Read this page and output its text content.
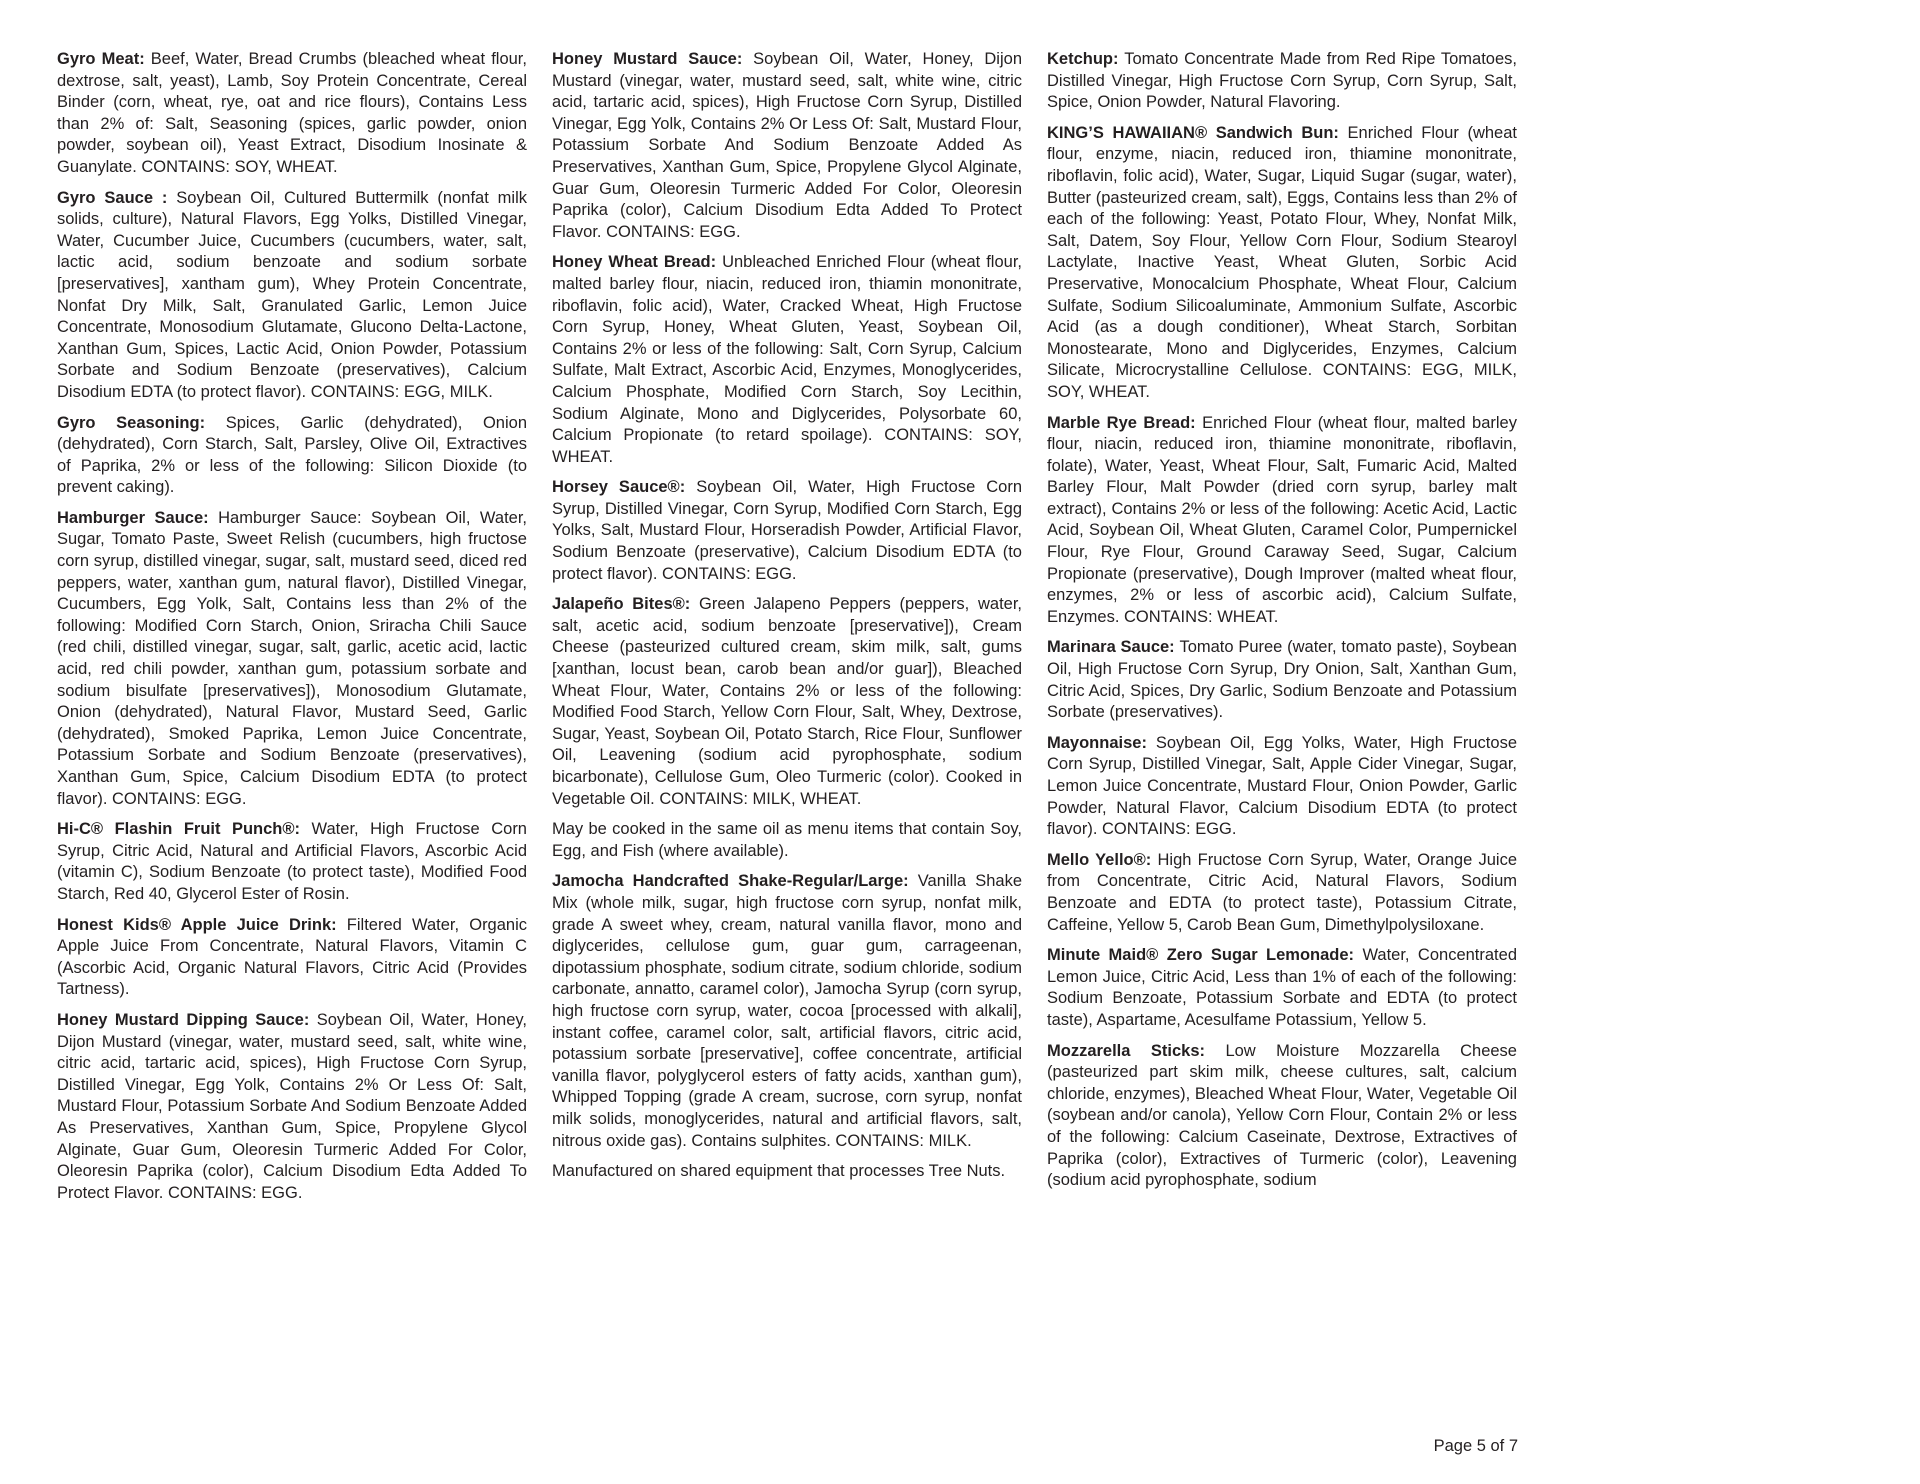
Gyro Meat: Beef, Water, Bread Crumbs (bleached wheat flour, dextrose, salt, yeast), Lamb, Soy Protein Concentrate, Cereal Binder (corn, wheat, rye, oat and rice flours), Contains Less than 2% of: Salt, Seasoning (spices, garlic powder, onion powder, soybean oil), Yeast Extract, Disodium Inosinate & Guanylate. CONTAINS: SOY, WHEAT.

Gyro Sauce : Soybean Oil, Cultured Buttermilk (nonfat milk solids, culture), Natural Flavors, Egg Yolks, Distilled Vinegar, Water, Cucumber Juice, Cucumbers (cucumbers, water, salt, lactic acid, sodium benzoate and sodium sorbate [preservatives], xantham gum), Whey Protein Concentrate, Nonfat Dry Milk, Salt, Granulated Garlic, Lemon Juice Concentrate, Monosodium Glutamate, Glucono Delta-Lactone, Xanthan Gum, Spices, Lactic Acid, Onion Powder, Potassium Sorbate and Sodium Benzoate (preservatives), Calcium Disodium EDTA (to protect flavor). CONTAINS: EGG, MILK.

Gyro Seasoning: Spices, Garlic (dehydrated), Onion (dehydrated), Corn Starch, Salt, Parsley, Olive Oil, Extractives of Paprika, 2% or less of the following: Silicon Dioxide (to prevent caking).

Hamburger Sauce: Hamburger Sauce: Soybean Oil, Water, Sugar, Tomato Paste, Sweet Relish (cucumbers, high fructose corn syrup, distilled vinegar, sugar, salt, mustard seed, diced red peppers, water, xanthan gum, natural flavor), Distilled Vinegar, Cucumbers, Egg Yolk, Salt, Contains less than 2% of the following: Modified Corn Starch, Onion, Sriracha Chili Sauce (red chili, distilled vinegar, sugar, salt, garlic, acetic acid, lactic acid, red chili powder, xanthan gum, potassium sorbate and sodium bisulfate [preservatives]), Monosodium Glutamate, Onion (dehydrated), Natural Flavor, Mustard Seed, Garlic (dehydrated), Smoked Paprika, Lemon Juice Concentrate, Potassium Sorbate and Sodium Benzoate (preservatives), Xanthan Gum, Spice, Calcium Disodium EDTA (to protect flavor). CONTAINS: EGG.

Hi-C® Flashin Fruit Punch®: Water, High Fructose Corn Syrup, Citric Acid, Natural and Artificial Flavors, Ascorbic Acid (vitamin C), Sodium Benzoate (to protect taste), Modified Food Starch, Red 40, Glycerol Ester of Rosin.

Honest Kids® Apple Juice Drink: Filtered Water, Organic Apple Juice From Concentrate, Natural Flavors, Vitamin C (Ascorbic Acid, Organic Natural Flavors, Citric Acid (Provides Tartness).

Honey Mustard Dipping Sauce: Soybean Oil, Water, Honey, Dijon Mustard (vinegar, water, mustard seed, salt, white wine, citric acid, tartaric acid, spices), High Fructose Corn Syrup, Distilled Vinegar, Egg Yolk, Contains 2% Or Less Of: Salt, Mustard Flour, Potassium Sorbate And Sodium Benzoate Added As Preservatives, Xanthan Gum, Spice, Propylene Glycol Alginate, Guar Gum, Oleoresin Turmeric Added For Color, Oleoresin Paprika (color), Calcium Disodium Edta Added To Protect Flavor. CONTAINS: EGG.

Honey Mustard Sauce: Soybean Oil, Water, Honey, Dijon Mustard (vinegar, water, mustard seed, salt, white wine, citric acid, tartaric acid, spices), High Fructose Corn Syrup, Distilled Vinegar, Egg Yolk, Contains 2% Or Less Of: Salt, Mustard Flour, Potassium Sorbate And Sodium Benzoate Added As Preservatives, Xanthan Gum, Spice, Propylene Glycol Alginate, Guar Gum, Oleoresin Turmeric Added For Color, Oleoresin Paprika (color), Calcium Disodium Edta Added To Protect Flavor. CONTAINS: EGG.

Honey Wheat Bread: Unbleached Enriched Flour (wheat flour, malted barley flour, niacin, reduced iron, thiamin mononitrate, riboflavin, folic acid), Water, Cracked Wheat, High Fructose Corn Syrup, Honey, Wheat Gluten, Yeast, Soybean Oil, Contains 2% or less of the following: Salt, Corn Syrup, Calcium Sulfate, Malt Extract, Ascorbic Acid, Enzymes, Monoglycerides, Calcium Phosphate, Modified Corn Starch, Soy Lecithin, Sodium Alginate, Mono and Diglycerides, Polysorbate 60, Calcium Propionate (to retard spoilage). CONTAINS: SOY, WHEAT.

Horsey Sauce®: Soybean Oil, Water, High Fructose Corn Syrup, Distilled Vinegar, Corn Syrup, Modified Corn Starch, Egg Yolks, Salt, Mustard Flour, Horseradish Powder, Artificial Flavor, Sodium Benzoate (preservative), Calcium Disodium EDTA (to protect flavor). CONTAINS: EGG.

Jalapeño Bites®: Green Jalapeno Peppers (peppers, water, salt, acetic acid, sodium benzoate [preservative]), Cream Cheese (pasteurized cultured cream, skim milk, salt, gums [xanthan, locust bean, carob bean and/or guar]), Bleached Wheat Flour, Water, Contains 2% or less of the following: Modified Food Starch, Yellow Corn Flour, Salt, Whey, Dextrose, Sugar, Yeast, Soybean Oil, Potato Starch, Rice Flour, Sunflower Oil, Leavening (sodium acid pyrophosphate, sodium bicarbonate), Cellulose Gum, Oleo Turmeric (color). Cooked in Vegetable Oil. CONTAINS: MILK, WHEAT.

May be cooked in the same oil as menu items that contain Soy, Egg, and Fish (where available).

Jamocha Handcrafted Shake-Regular/Large: Vanilla Shake Mix (whole milk, sugar, high fructose corn syrup, nonfat milk, grade A sweet whey, cream, natural vanilla flavor, mono and diglycerides, cellulose gum, guar gum, carrageenan, dipotassium phosphate, sodium citrate, sodium chloride, sodium carbonate, annatto, caramel color), Jamocha Syrup (corn syrup, high fructose corn syrup, water, cocoa [processed with alkali], instant coffee, caramel color, salt, artificial flavors, citric acid, potassium sorbate [preservative], coffee concentrate, artificial vanilla flavor, polyglycerol esters of fatty acids, xanthan gum), Whipped Topping (grade A cream, sucrose, corn syrup, nonfat milk solids, monoglycerides, natural and artificial flavors, salt, nitrous oxide gas). Contains sulphites. CONTAINS: MILK.

Manufactured on shared equipment that processes Tree Nuts.

Ketchup: Tomato Concentrate Made from Red Ripe Tomatoes, Distilled Vinegar, High Fructose Corn Syrup, Corn Syrup, Salt, Spice, Onion Powder, Natural Flavoring.

KING’S HAWAIIAN® Sandwich Bun: Enriched Flour (wheat flour, enzyme, niacin, reduced iron, thiamine mononitrate, riboflavin, folic acid), Water, Sugar, Liquid Sugar (sugar, water), Butter (pasteurized cream, salt), Eggs, Contains less than 2% of each of the following: Yeast, Potato Flour, Whey, Nonfat Milk, Salt, Datem, Soy Flour, Yellow Corn Flour, Sodium Stearoyl Lactylate, Inactive Yeast, Wheat Gluten, Sorbic Acid Preservative, Monocalcium Phosphate, Wheat Flour, Calcium Sulfate, Sodium Silicoaluminate, Ammonium Sulfate, Ascorbic Acid (as a dough conditioner), Wheat Starch, Sorbitan Monostearate, Mono and Diglycerides, Enzymes, Calcium Silicate, Microcrystalline Cellulose. CONTAINS: EGG, MILK, SOY, WHEAT.

Marble Rye Bread: Enriched Flour (wheat flour, malted barley flour, niacin, reduced iron, thiamine mononitrate, riboflavin, folate), Water, Yeast, Wheat Flour, Salt, Fumaric Acid, Malted Barley Flour, Malt Powder (dried corn syrup, barley malt extract), Contains 2% or less of the following: Acetic Acid, Lactic Acid, Soybean Oil, Wheat Gluten, Caramel Color, Pumpernickel Flour, Rye Flour, Ground Caraway Seed, Sugar, Calcium Propionate (preservative), Dough Improver (malted wheat flour, enzymes, 2% or less of ascorbic acid), Calcium Sulfate, Enzymes. CONTAINS: WHEAT.

Marinara Sauce: Tomato Puree (water, tomato paste), Soybean Oil, High Fructose Corn Syrup, Dry Onion, Salt, Xanthan Gum, Citric Acid, Spices, Dry Garlic, Sodium Benzoate and Potassium Sorbate (preservatives).

Mayonnaise: Soybean Oil, Egg Yolks, Water, High Fructose Corn Syrup, Distilled Vinegar, Salt, Apple Cider Vinegar, Sugar, Lemon Juice Concentrate, Mustard Flour, Onion Powder, Garlic Powder, Natural Flavor, Calcium Disodium EDTA (to protect flavor). CONTAINS: EGG.

Mello Yello®: High Fructose Corn Syrup, Water, Orange Juice from Concentrate, Citric Acid, Natural Flavors, Sodium Benzoate and EDTA (to protect taste), Potassium Citrate, Caffeine, Yellow 5, Carob Bean Gum, Dimethylpolysiloxane.

Minute Maid® Zero Sugar Lemonade: Water, Concentrated Lemon Juice, Citric Acid, Less than 1% of each of the following: Sodium Benzoate, Potassium Sorbate and EDTA (to protect taste), Aspartame, Acesulfame Potassium, Yellow 5.

Mozzarella Sticks: Low Moisture Mozzarella Cheese (pasteurized part skim milk, cheese cultures, salt, calcium chloride, enzymes), Bleached Wheat Flour, Water, Vegetable Oil (soybean and/or canola), Yellow Corn Flour, Contain 2% or less of the following: Calcium Caseinate, Dextrose, Extractives of Paprika (color), Extractives of Turmeric (color), Leavening (sodium acid pyrophosphate, sodium

Page 5 of 7
